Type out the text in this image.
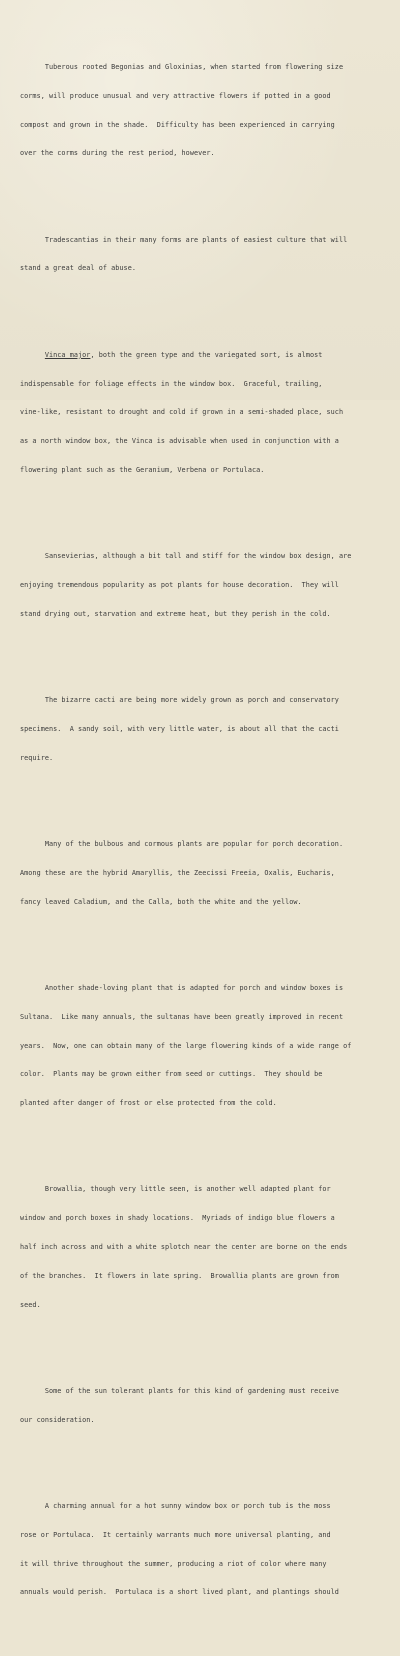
Tuberous rooted Begonias and Gloxinias, when started from flowering size

corms, will produce unusual and very attractive flowers if potted in a good

compost and grown in the shade.  Difficulty has been experienced in carrying

over the corms during the rest period, however.

Tradescantias in their many forms are plants of easiest culture that will

stand a great deal of abuse.

Vinca major, both the green type and the variegated sort, is almost

indispensable for foliage effects in the window box.  Graceful, trailing,

vine-like, resistant to drought and cold if grown in a semi-shaded place, such

as a north window box, the Vinca is advisable when used in conjunction with a

flowering plant such as the Geranium, Verbena or Portulaca.

Sansevierias, although a bit tall and stiff for the window box design, are

enjoying tremendous popularity as pot plants for house decoration.  They will

stand drying out, starvation and extreme heat, but they perish in the cold.

The bizarre cacti are being more widely grown as porch and conservatory

specimens.  A sandy soil, with very little water, is about all that the cacti

require.

Many of the bulbous and cormous plants are popular for porch decoration.

Among these are the hybrid Amaryllis, the Zeecissi Freeia, Oxalis, Eucharis,

fancy leaved Caladium, and the Calla, both the white and the yellow.

Another shade-loving plant that is adapted for porch and window boxes is

Sultana.  Like many annuals, the sultanas have been greatly improved in recent

years.  Now, one can obtain many of the large flowering kinds of a wide range of

color.  Plants may be grown either from seed or cuttings.  They should be

planted after danger of frost or else protected from the cold.

Browallia, though very little seen, is another well adapted plant for

window and porch boxes in shady locations.  Myriads of indigo blue flowers a

half inch across and with a white splotch near the center are borne on the ends

of the branches.  It flowers in late spring.  Browallia plants are grown from

seed.

Some of the sun tolerant plants for this kind of gardening must receive

our consideration.

A charming annual for a hot sunny window box or porch tub is the moss

rose or Portulaca.  It certainly warrants much more universal planting, and

it will thrive throughout the summer, producing a riot of color where many

annuals would perish.  Portulaca is a short lived plant, and plantings should
